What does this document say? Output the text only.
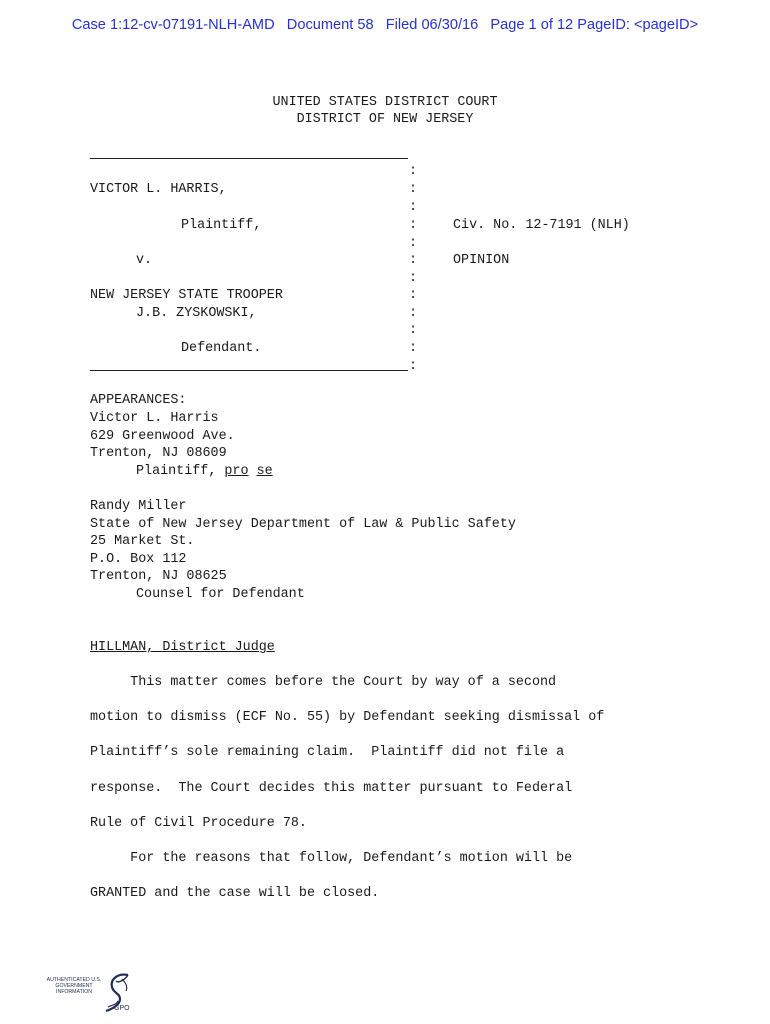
Case 1:12-cv-07191-NLH-AMD   Document 58   Filed 06/30/16   Page 1 of 12 PageID: <pageID>
UNITED STATES DISTRICT COURT
DISTRICT OF NEW JERSEY
:
:
:
:
:
:
:
:
:
:
:
:
VICTOR L. HARRIS,
Plaintiff,
v.
NEW JERSEY STATE TROOPER
J.B. ZYSKOWSKI,
Defendant.
Civ. No. 12-7191 (NLH)
OPINION
APPEARANCES:
Victor L. Harris
629 Greenwood Ave.
Trenton, NJ 08609
Plaintiff, pro se
Randy Miller
State of New Jersey Department of Law & Public Safety
25 Market St.
P.O. Box 112
Trenton, NJ 08625
Counsel for Defendant
HILLMAN, District Judge
This matter comes before the Court by way of a second
motion to dismiss (ECF No. 55) by Defendant seeking dismissal of
Plaintiff’s sole remaining claim.  Plaintiff did not file a
response.  The Court decides this matter pursuant to Federal
Rule of Civil Procedure 78.
For the reasons that follow, Defendant’s motion will be
GRANTED and the case will be closed.
AUTHENTICATED U.S. GOVERNMENT INFORMATION
GPO
